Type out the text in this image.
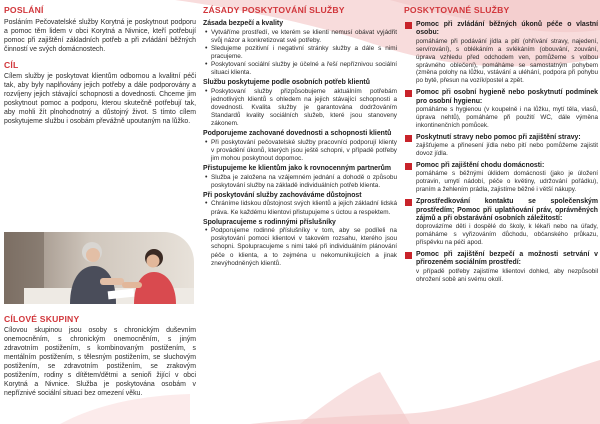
POSLÁNÍ

Posláním Pečovatelské služby Korytná je poskytnout podporu a pomoc těm lidem v obci Korytná a Nivnice, kteří potřebují pomoc při zajištění základních potřeb a při zvládání běžných činností ve svých domácnostech.

CÍL

Cílem služby je poskytovat klientům odbornou a kvalitní péči tak, aby byly naplňovány jejich potřeby a dále podporovány a rozvíjeny jejich stávající schopnosti a dovednosti. Chceme jim poskytnout pomoc a podporu, kterou skutečně potřebují tak, aby mohli žít plnohodnotný a důstojný život. S tímto cílem poskytujeme službu i osobám převážně upoutaným na lůžko.

CÍLOVÉ SKUPINY

Cílovou skupinou jsou osoby s chronickým duševním onemocněním, s chronickým onemocněním, s jiným zdravotním postižením, s kombinovaným postižením, s mentálním postižením, s tělesným postižením, se sluchovým postižením, se zdravotním postižením, se zrakovým postižením, rodiny s dítětem/dětmi a senioři žijící v obci Korytná a Nivnice. Služba je poskytována osobám v nepříznivé sociální situaci bez omezení věku.

ZÁSADY POSKYTOVÁNÍ SLUŽBY
Zásada bezpečí a kvality
• Vytváříme prostředí, ve kterém se klienti nemusí obávat vyjádřit svůj názor a konkretizovat své potřeby.
• Sledujeme pozitivní i negativní stránky služby a dále s nimi pracujeme.
• Poskytovaní sociální služby je účelné a řeší nepříznivou sociální situaci klienta.
Službu poskytujeme podle osobních potřeb klientů
• Poskytovaní služby přizpůsobujeme aktuálním potřebám jednotlivých klientů s ohledem na jejich stávající schopnosti a dovednosti. Kvalita služby je garantována dodržováním Standardů kvality sociálních služeb, které jsou stanoveny zákonem.
Podporujeme zachované dovednosti a schopnosti klientů
• Při poskytování pečovatelské služby pracovníci podporují klienty v provádění úkonů, kterých jsou ještě schopni, v případě potřeby jim mohou poskytnout dopomoc.
Přistupujeme ke klientům jako k rovnocenným partnerům
• Služba je založena na vzájemném jednání a dohodě o způsobu poskytování služby na základě individuálních potřeb klienta.
Při poskytování služby zachováváme důstojnost
• Chráníme lidskou důstojnost svých klientů a jejich základní lidská práva. Ke každému klientovi přistupujeme s úctou a respektem.
Spolupracujeme s rodinnými příslušníky
• Podporujeme rodinné příslušníky v tom, aby se podíleli na poskytování pomoci klientovi v takovém rozsahu, kterého jsou schopni. Spolupracujeme s nimi také při individuálním plánování péče o klienta, a to zejména u nekomunikujících a jinak znevýhodněných klientů.
POSKYTOVANÉ SLUŽBY
Pomoc při zvládání běžných úkonů péče o vlastní osobu:
pomáháme při podávání jídla a pití (ohřívání stravy, najedení, servírování), s oblékáním a svlékáním (obouvání, zouvání, úprava vzhledu před odchodem ven, pomůžeme s volbou správného oblečení), pomáháme se samostatným pohybem (změna polohy na lůžku, vstávání a uléhání, podpora při pohybu po bytě, přesun na vozík/postel a zpět.
Pomoc při osobní hygieně nebo poskytnutí podmínek pro osobní hygienu:
pomáháme s hygienou (v koupelně i na lůžku, mytí těla, vlasů, úprava nehtů), pomáháme při použití WC, dále výměna inkontinenčních pomůcek.
Poskytnutí stravy nebo pomoc při zajištění stravy:
zajišťujeme a přinesení jídla nebo pití nebo pomůžeme zajistit dovoz jídla.
Pomoc při zajištění chodu domácnosti:
pomáháme s běžnými úklidem domácnosti (jako je úložení potravin, umytí nádobí, péče o květiny, udržování pořádku), praním a žehlením prádla, zajistíme běžné i větší nákupy.
Zprostředkování kontaktu se společenským prostředím; Pomoc při uplatňování práv, oprávněných zájmů a při obstarávání osobních záležitostí:
doprovázíme děti i dospělé do školy, k lékaři nebo na úřady, pomáháme s vyřizováním důchodu, občanského průkazu, příspěvku na péči apod.
Pomoc při zajištění bezpečí a možnosti setrvání v přirozeném sociálním prostředí:
v případě potřeby zajistíme klientovi dohled, aby nezpůsobil ohrožení sobě ani svému okolí.
